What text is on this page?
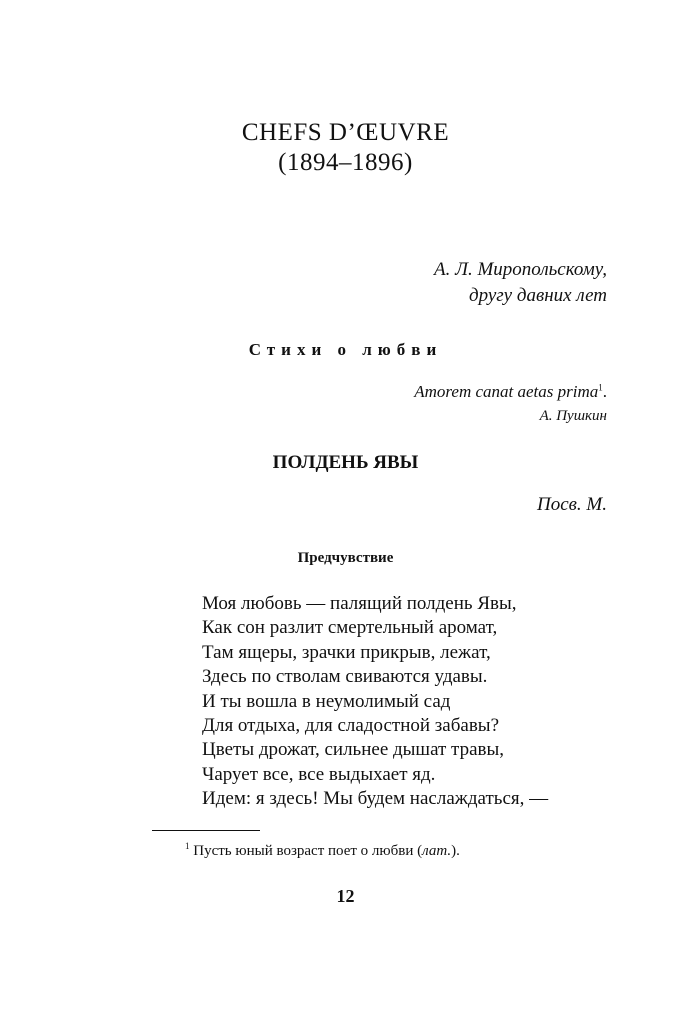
CHEFS D’ŒUVRE
(1894–1896)
А. Л. Миропольскому,
другу давних лет
Стихи о любви
Amorem canat aetas prima$^1$.
А. Пушкин
ПОЛДЕНЬ ЯВЫ
Посв. М.
Предчувствие
Моя любовь — палящий полдень Явы,
Как сон разлит смертельный аромат,
Там ящеры, зрачки прикрыв, лежат,
Здесь по стволам свиваются удавы.
И ты вошла в неумолимый сад
Для отдыха, для сладостной забавы?
Цветы дрожат, сильнее дышат травы,
Чарует все, все выдыхает яд.
Идем: я здесь! Мы будем наслаждаться, —
$^1$ Пусть юный возраст поет о любви (лат.).
12
